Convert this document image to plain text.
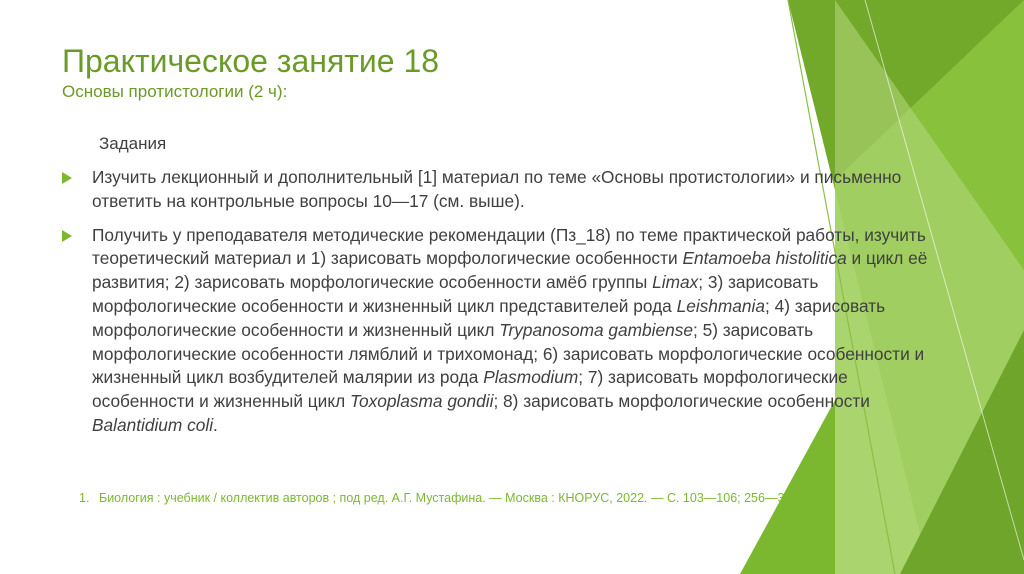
Практическое занятие 18
Основы протистологии (2 ч):
Задания
Изучить лекционный и дополнительный [1] материал по теме «Основы протистологии» и письменно ответить на контрольные вопросы 10—17 (см. выше).
Получить у преподавателя методические рекомендации (Пз_18) по теме практической работы, изучить теоретический материал и 1) зарисовать морфологические особенности Entamoeba histolitica и цикл её развития; 2) зарисовать морфологические особенности амёб группы Limax; 3) зарисовать морфологические особенности и жизненный цикл представителей рода Leishmania; 4) зарисовать морфологические особенности и жизненный цикл Trypanosoma gambiense; 5) зарисовать морфологические особенности лямблий и трихомонад; 6) зарисовать морфологические особенности и жизненный цикл возбудителей малярии из рода Plasmodium; 7) зарисовать морфологические особенности и жизненный цикл Toxoplasma gondii; 8) зарисовать морфологические особенности Balantidium coli.
1. Биология : учебник / коллектив авторов ; под ред. А.Г. Мустафина. — Москва : КНОРУС, 2022. — С. 103—106; 256—330.
